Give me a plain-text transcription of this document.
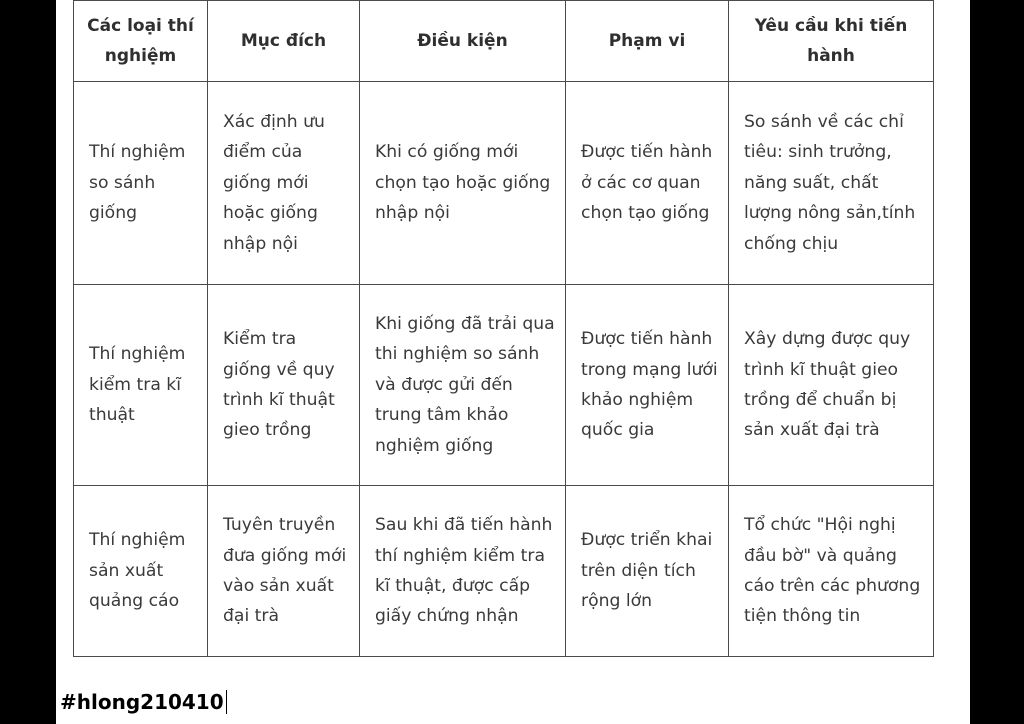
Các loại thí nghiệm	Mục đích	Điều kiện	Phạm vi	Yêu cầu khi tiến hành
Thí nghiệm so sánh giống	Xác định ưu điểm của giống mới hoặc giống nhập nội	Khi có giống mới chọn tạo hoặc giống nhập nội	Được tiến hành ở các cơ quan chọn tạo giống	So sánh về các chỉ tiêu: sinh trưởng, năng suất, chất lượng nông sản,tính chống chịu
Thí nghiệm kiểm tra kĩ thuật	Kiểm tra giống về quy trình kĩ thuật gieo trồng	Khi giống đã trải qua thi nghiệm so sánh và được gửi đến trung tâm khảo nghiệm giống	Được tiến hành trong mạng lưới khảo nghiệm quốc gia	Xây dựng được quy trình kĩ thuật gieo trồng để chuẩn bị sản xuất đại trà
Thí nghiệm sản xuất quảng cáo	Tuyên truyền đưa giống mới vào sản xuất đại trà	Sau khi đã tiến hành thí nghiệm kiểm tra kĩ thuật, được cấp giấy chứng nhận	Được triển khai trên diện tích rộng lớn	Tổ chức "Hội nghị đầu bờ" và quảng cáo trên các phương tiện thông tin
#hlong210410
